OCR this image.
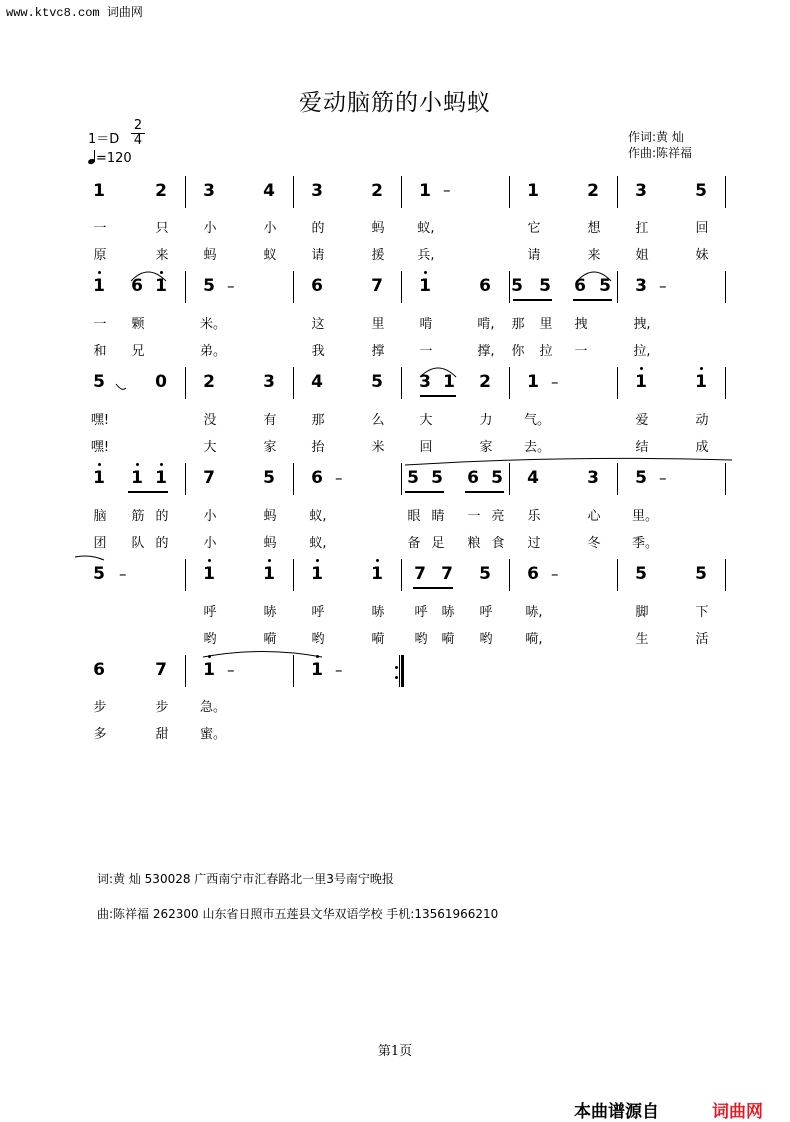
www.ktvc8.com 词曲网
爱动脑筋的小蚂蚁
$1=D \frac{2}{4}$
=120
作词:黄 灿
作曲:陈祥福
1	2 3	4 3	2 1	1	2 3	5
–
1 6 1 5	6	7 1	6 5 5 6 5 3
–	–
5	0 2	3 4	5 3 1 2 1	1	1
–
1 1 1 7	5 6	5 5 6 5 4	3 5
–	–
5	1	1 1	1 7 7 5 6	5	5
–	–
6	7 1	1
–	–
一
原
只
来
小
蚂
小
蚁
的
请
蚂
援
蚁,
兵,
它
请
想
来
扛
姐
回
妹
一
和
颗
兄
米。
弟。
这
我
里
撑
啃
一
啃,
撑,
那
你
里
拉
拽
一
拽,
拉,
嘿!
嘿!
没
大
有
家
那
抬
么
米
大
回
力
家
气。
去。
爱
结
动
成
脑
团
筋
队
的
的
小
小
蚂
蚂
蚁,
蚁,
眼
备
睛
足
一
粮
亮
食
乐
过
心
冬
里。
季。
呼
哟
哧
嗬
呼
哟
哧
嗬
呼
哟
哧
嗬
呼
哟
哧,
嗬,
脚
生
下
活
步
多
步
甜
急。
蜜。
词:黄 灿 530028 广西南宁市汇春路北一里3号南宁晚报
曲:陈祥福 262300 山东省日照市五莲县文华双语学校 手机:13561966210
第1页
本曲谱源自	词曲网
